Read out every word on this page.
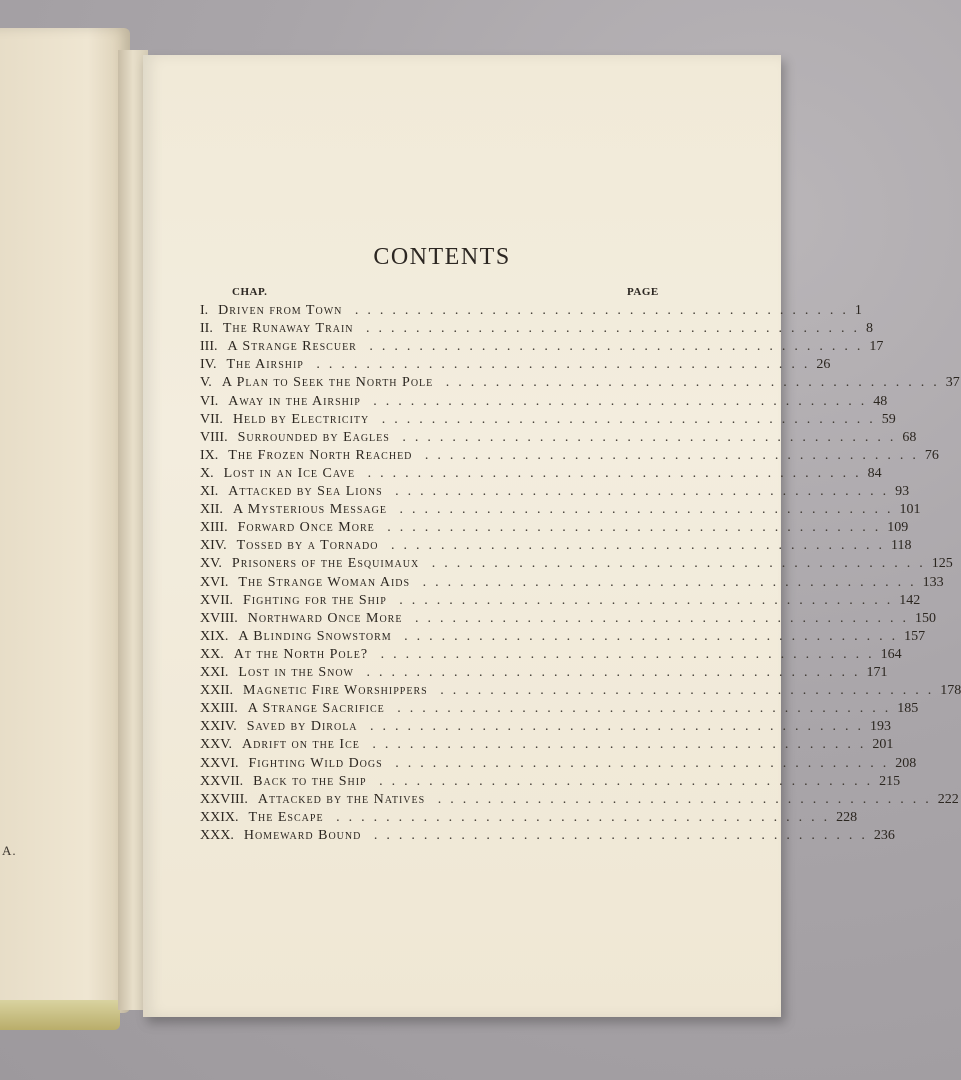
A.
CONTENTS
CHAP.	PAGE
I. Driven from Town ........................................ 1
II. The Runaway Train ........................................ 8
III. A Strange Rescuer ........................................ 17
IV. The Airship ........................................ 26
V. A Plan to Seek the North Pole ........................................ 37
VI. Away in the Airship ........................................ 48
VII. Held by Electricity ........................................ 59
VIII. Surrounded by Eagles ........................................ 68
IX. The Frozen North Reached ........................................ 76
X. Lost in an Ice Cave ........................................ 84
XI. Attacked by Sea Lions ........................................ 93
XII. A Mysterious Message ........................................ 101
XIII. Forward Once More ........................................ 109
XIV. Tossed by a Tornado ........................................ 118
XV. Prisoners of the Esquimaux ........................................ 125
XVI. The Strange Woman Aids ........................................ 133
XVII. Fighting for the Ship ........................................ 142
XVIII. Northward Once More ........................................ 150
XIX. A Blinding Snowstorm ........................................ 157
XX. At the North Pole? ........................................ 164
XXI. Lost in the Snow ........................................ 171
XXII. Magnetic Fire Worshippers ........................................ 178
XXIII. A Strange Sacrifice ........................................ 185
XXIV. Saved by Dirola ........................................ 193
XXV. Adrift on the Ice ........................................ 201
XXVI. Fighting Wild Dogs ........................................ 208
XXVII. Back to the Ship ........................................ 215
XXVIII. Attacked by the Natives ........................................ 222
XXIX. The Escape ........................................ 228
XXX. Homeward Bound ........................................ 236
